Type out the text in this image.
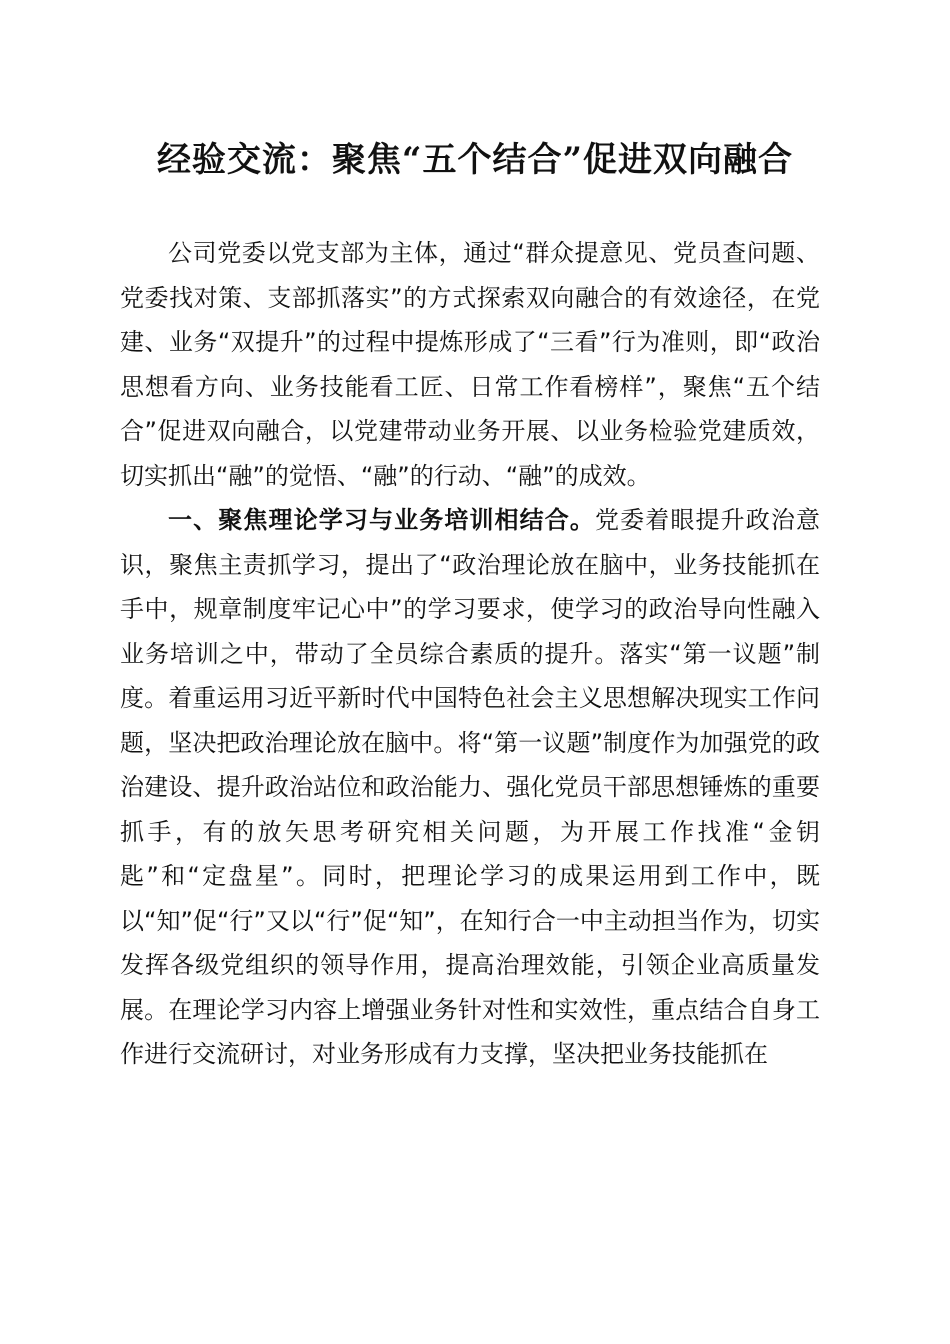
经验交流：聚焦“五个结合”促进双向融合

公司党委以党支部为主体，通过“群众提意见、党员查问题、党委找对策、支部抓落实”的方式探索双向融合的有效途径，在党建、业务“双提升”的过程中提炼形成了“三看”行为准则，即“政治思想看方向、业务技能看工匠、日常工作看榜样”，聚焦“五个结合”促进双向融合，以党建带动业务开展、以业务检验党建质效，切实抓出“融”的觉悟、“融”的行动、“融”的成效。

一、聚焦理论学习与业务培训相结合。党委着眼提升政治意识，聚焦主责抓学习，提出了“政治理论放在脑中，业务技能抓在手中，规章制度牢记心中”的学习要求，使学习的政治导向性融入业务培训之中，带动了全员综合素质的提升。落实“第一议题”制度。着重运用习近平新时代中国特色社会主义思想解决现实工作问题，坚决把政治理论放在脑中。将“第一议题”制度作为加强党的政治建设、提升政治站位和政治能力、强化党员干部思想锤炼的重要抓手，有的放矢思考研究相关问题，为开展工作找准“金钥匙”和“定盘星”。同时，把理论学习的成果运用到工作中，既以“知”促“行”又以“行”促“知”，在知行合一中主动担当作为，切实发挥各级党组织的领导作用，提高治理效能，引领企业高质量发展。在理论学习内容上增强业务针对性和实效性，重点结合自身工作进行交流研讨，对业务形成有力支撑，坚决把业务技能抓在
